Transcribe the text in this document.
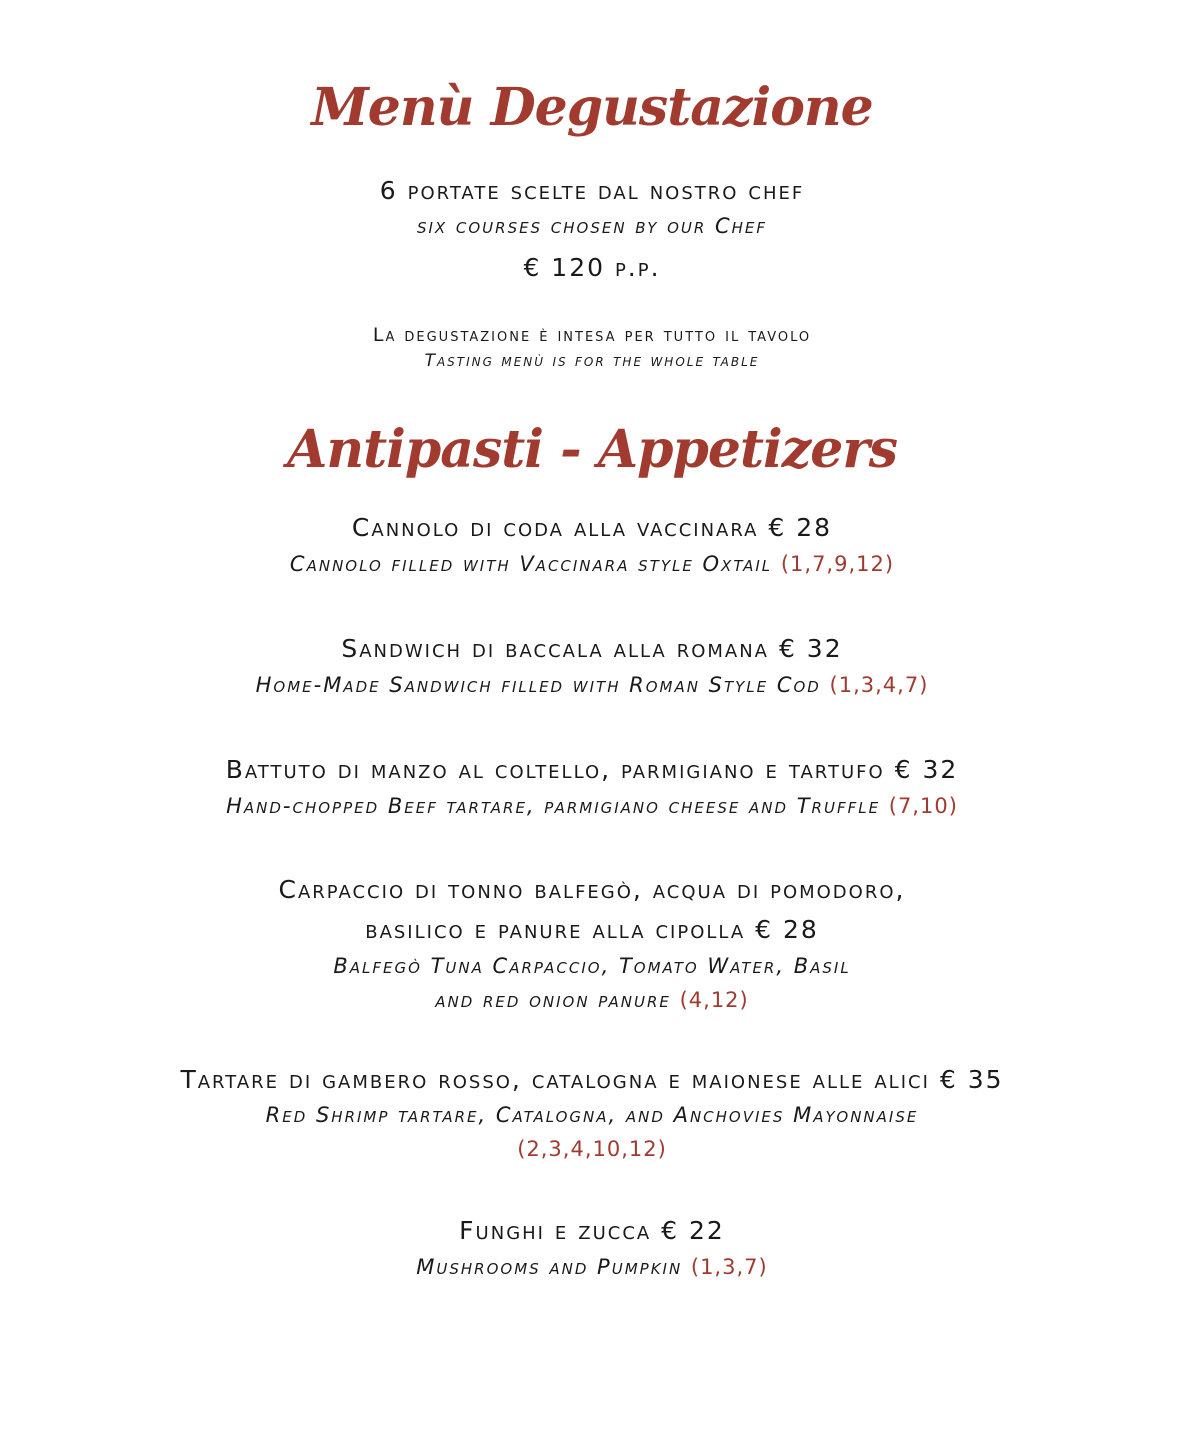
Menù Degustazione
6 portate scelte dal nostro chef
six courses chosen by our Chef
€ 120 p.p.
La degustazione è intesa per tutto il tavolo
Tasting menù is for the whole table
Antipasti - Appetizers
Cannolo di coda alla vaccinara € 28
Cannolo filled with Vaccinara style Oxtail (1,7,9,12)
Sandwich di baccala alla romana € 32
Home-Made Sandwich filled with Roman Style Cod (1,3,4,7)
Battuto di manzo al coltello, parmigiano e tartufo € 32
Hand-chopped Beef tartare, parmigiano cheese and Truffle (7,10)
Carpaccio di tonno balfegò, acqua di pomodoro,
basilico e panure alla cipolla € 28
Balfegò Tuna Carpaccio, Tomato Water, Basil
and red onion panure (4,12)
Tartare di gambero rosso, catalogna e maionese alle alici € 35
Red Shrimp tartare, Catalogna, and Anchovies Mayonnaise
(2,3,4,10,12)
Funghi e zucca € 22
Mushrooms and Pumpkin (1,3,7)
